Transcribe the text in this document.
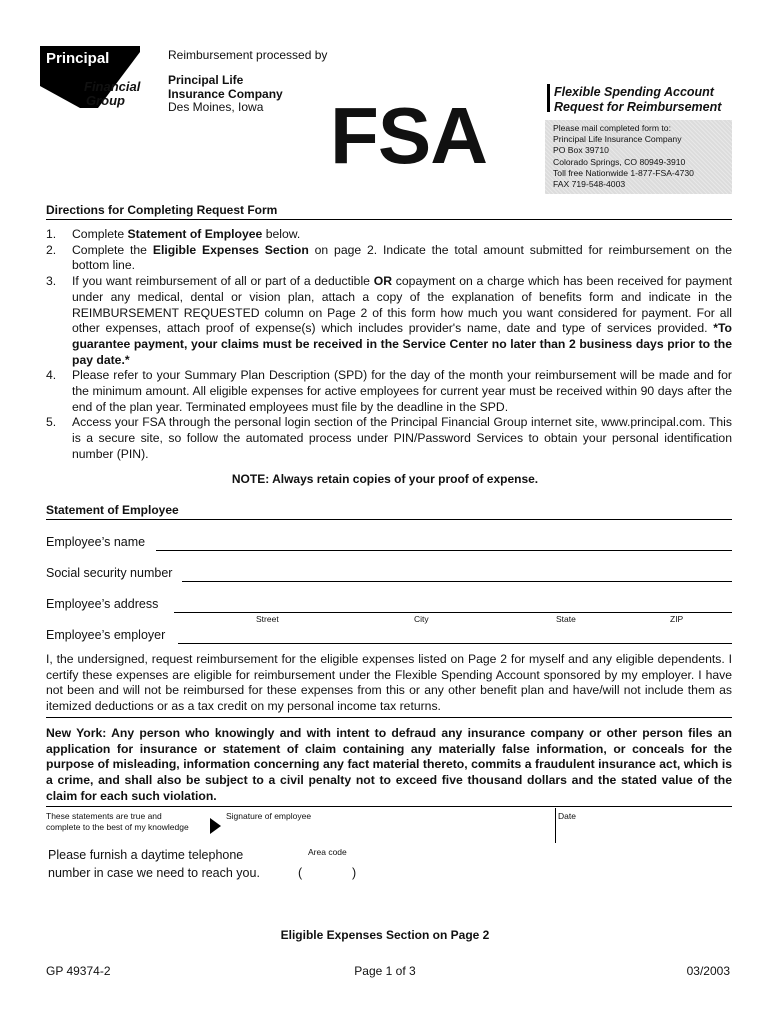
Principal
Financial
Group
Reimbursement processed by
Principal Life
Insurance Company
Des Moines, Iowa FSA	Flexible Spending Account
Request for Reimbursement
Please mail completed form to:
Principal Life Insurance Company
PO Box 39710
Colorado Springs, CO 80949-3910
Toll free Nationwide 1-877-FSA-4730
FAX 719-548-4003
Directions for Completing Request Form
1.	Complete Statement of Employee below.
2.	Complete the Eligible Expenses Section on page 2. Indicate the total amount submitted for reimbursement on the bottom line.
3.	If you want reimbursement of all or part of a deductible OR copayment on a charge which has been received for payment under any medical, dental or vision plan, attach a copy of the explanation of benefits form and indicate in the REIMBURSEMENT REQUESTED column on Page 2 of this form how much you want considered for payment. For all other expenses, attach proof of expense(s) which includes provider's name, date and type of services provided. *To guarantee payment, your claims must be received in the Service Center no later than 2 business days prior to the pay date.*
4.	Please refer to your Summary Plan Description (SPD) for the day of the month your reimbursement will be made and for the minimum amount. All eligible expenses for active employees for current year must be received within 90 days after the end of the plan year. Terminated employees must file by the deadline in the SPD.
5.	Access your FSA through the personal login section of the Principal Financial Group internet site, www.principal.com. This is a secure site, so follow the automated process under PIN/Password Services to obtain your personal identification number (PIN).
NOTE: Always retain copies of your proof of expense.
Statement of Employee
Employee’s name
Social security number
Employee’s address
Street	City	State	ZIP
Employee’s employer
I, the undersigned, request reimbursement for the eligible expenses listed on Page 2 for myself and any eligible dependents. I certify these expenses are eligible for reimbursement under the Flexible Spending Account sponsored by my employer. I have not been and will not be reimbursed for these expenses from this or any other benefit plan and have/will not include them as itemized deductions or as a tax credit on my personal income tax returns.
New York: Any person who knowingly and with intent to defraud any insurance company or other person files an application for insurance or statement of claim containing any materially false information, or conceals for the purpose of misleading, information concerning any fact material thereto, commits a fraudulent insurance act, which is a crime, and shall also be subject to a civil penalty not to exceed five thousand dollars and the stated value of the claim for each such violation.
These statements are true and
complete to the best of my knowledge
Signature of employee	Date
Please furnish a daytime telephone
number in case we need to reach you.
Area code
(	)
Eligible Expenses Section on Page 2
GP 49374-2	Page 1 of 3	03/2003
